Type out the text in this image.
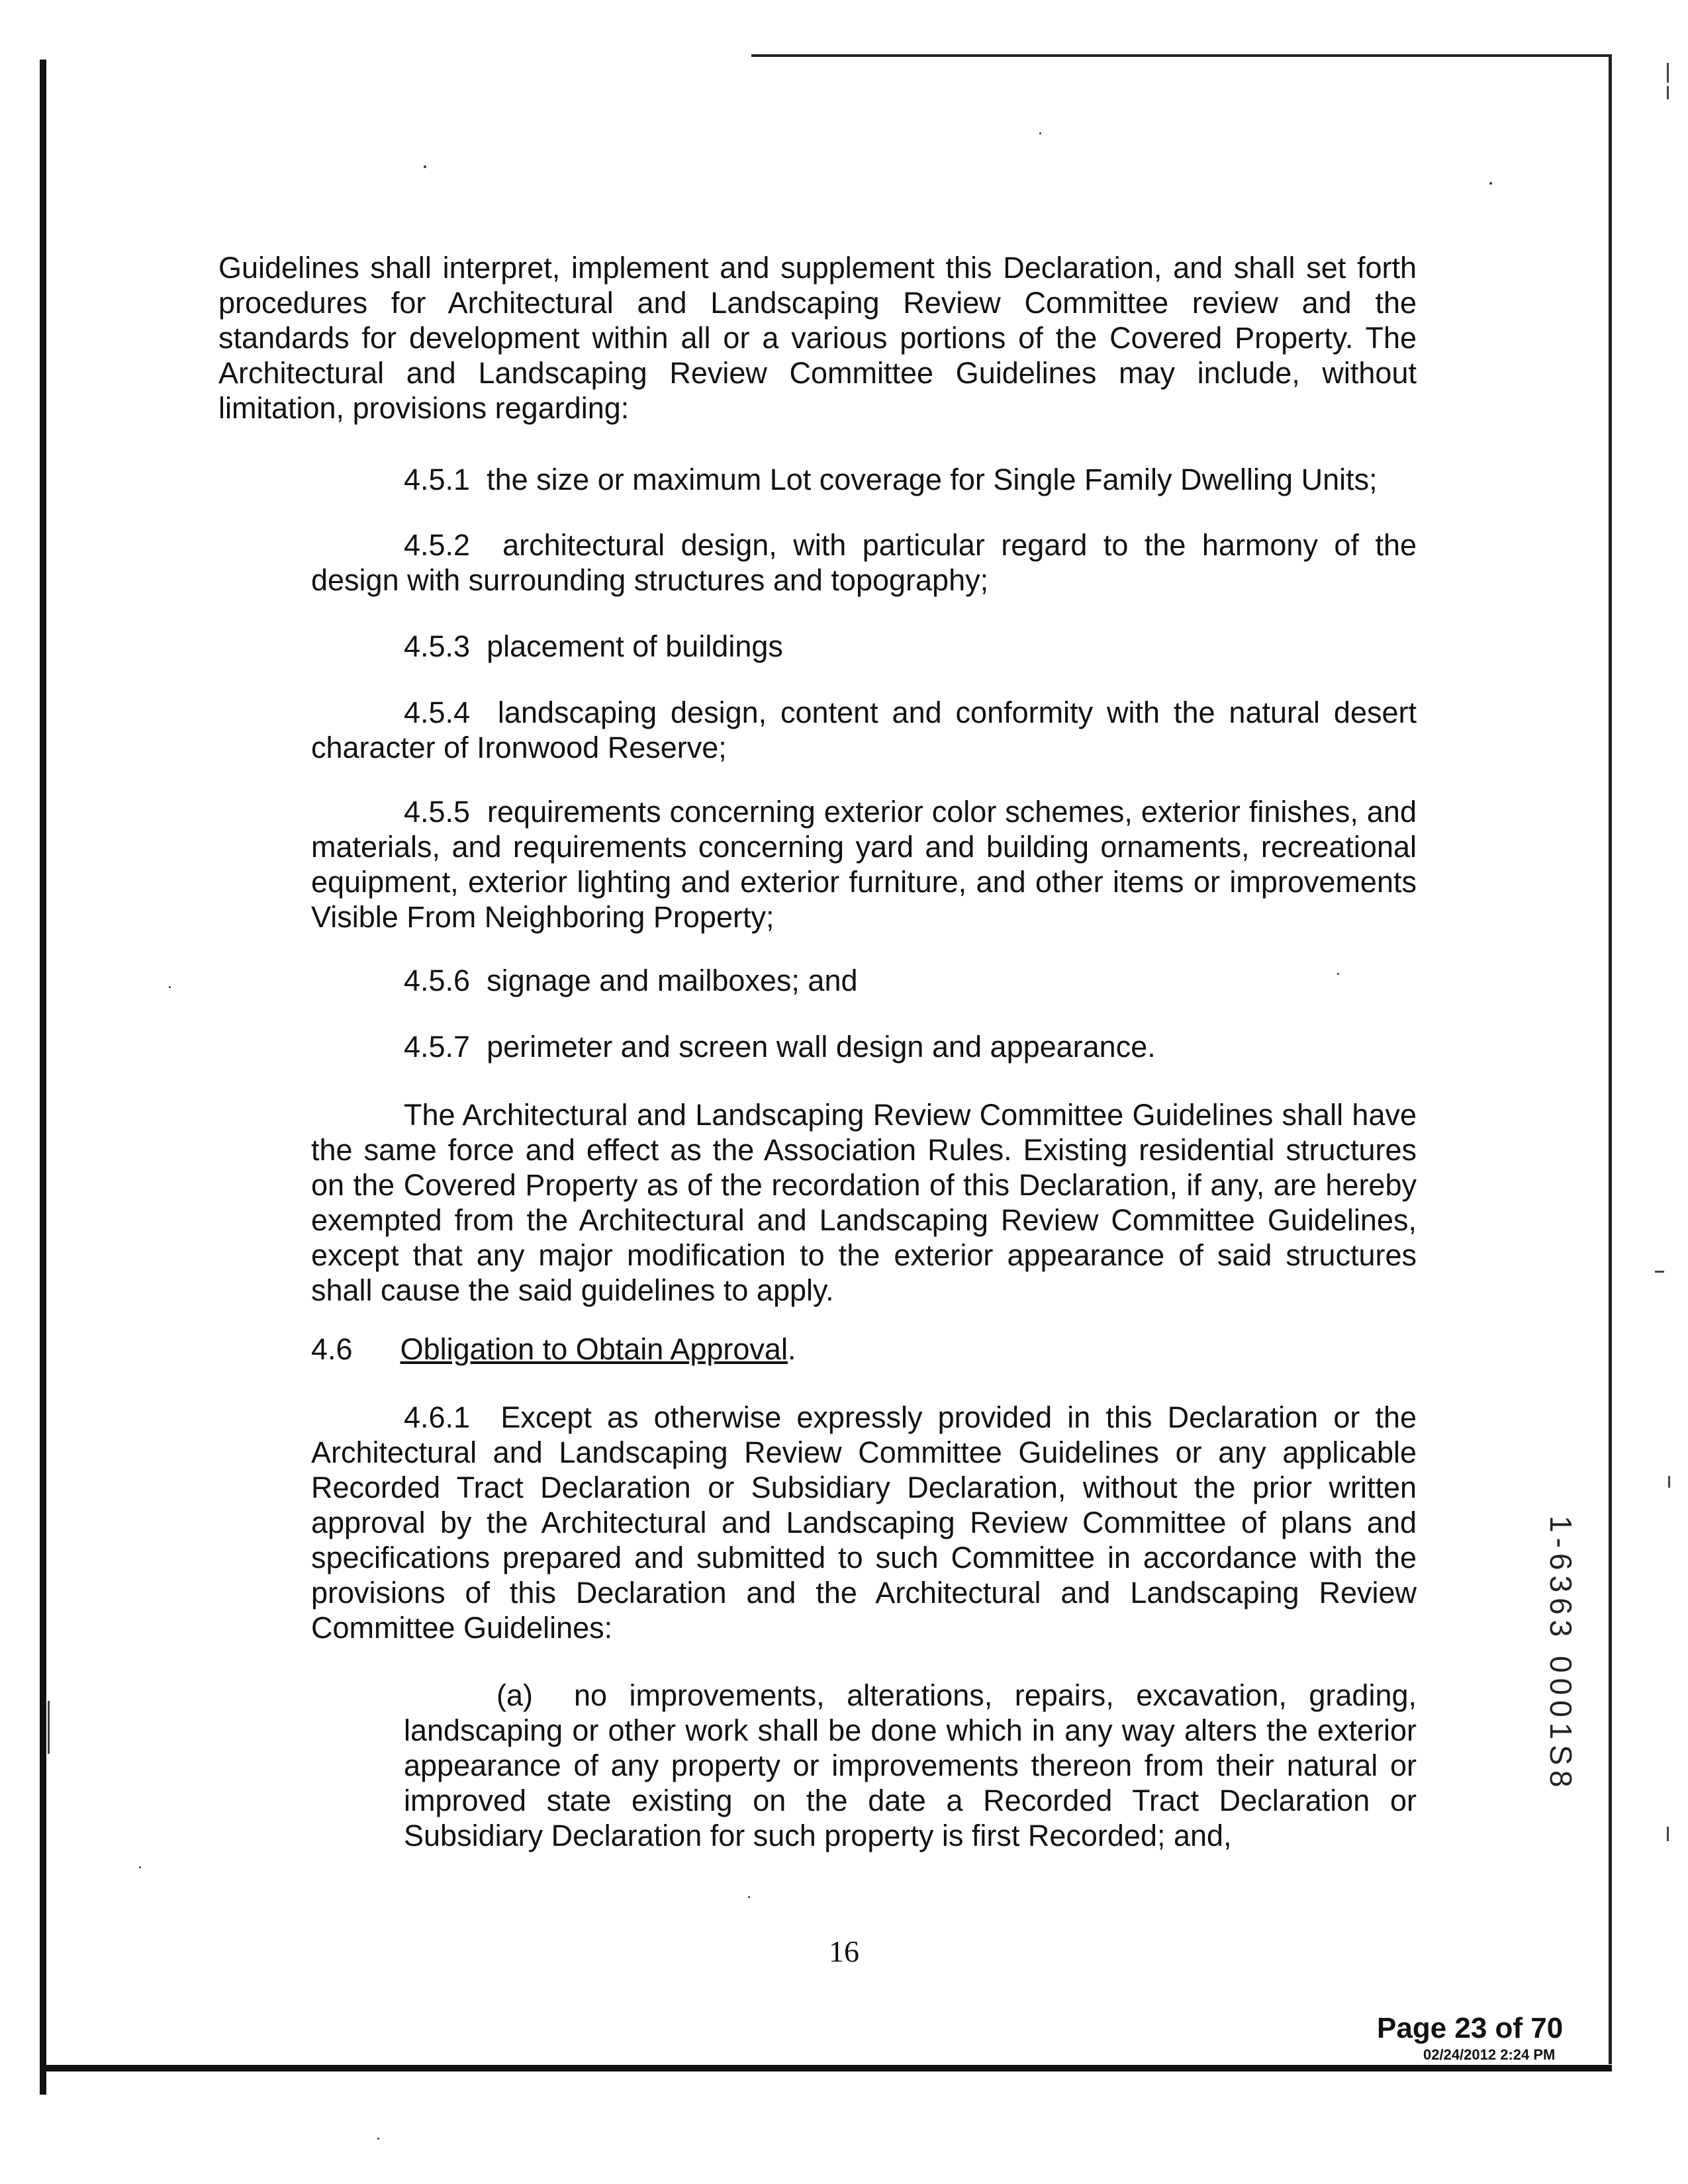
Guidelines shall interpret, implement and supplement this Declaration, and shall set forth procedures for Architectural and Landscaping Review Committee review and the standards for development within all or a various portions of the Covered Property. The Architectural and Landscaping Review Committee Guidelines may include, without limitation, provisions regarding:
4.5.1 the size or maximum Lot coverage for Single Family Dwelling Units;
4.5.2 architectural design, with particular regard to the harmony of the design with surrounding structures and topography;
4.5.3 placement of buildings
4.5.4 landscaping design, content and conformity with the natural desert character of Ironwood Reserve;
4.5.5 requirements concerning exterior color schemes, exterior finishes, and materials, and requirements concerning yard and building ornaments, recreational equipment, exterior lighting and exterior furniture, and other items or improvements Visible From Neighboring Property;
4.5.6 signage and mailboxes; and
4.5.7 perimeter and screen wall design and appearance.
The Architectural and Landscaping Review Committee Guidelines shall have the same force and effect as the Association Rules. Existing residential structures on the Covered Property as of the recordation of this Declaration, if any, are hereby exempted from the Architectural and Landscaping Review Committee Guidelines, except that any major modification to the exterior appearance of said structures shall cause the said guidelines to apply.
4.6 Obligation to Obtain Approval.
4.6.1 Except as otherwise expressly provided in this Declaration or the Architectural and Landscaping Review Committee Guidelines or any applicable Recorded Tract Declaration or Subsidiary Declaration, without the prior written approval by the Architectural and Landscaping Review Committee of plans and specifications prepared and submitted to such Committee in accordance with the provisions of this Declaration and the Architectural and Landscaping Review Committee Guidelines:
(a) no improvements, alterations, repairs, excavation, grading, landscaping or other work shall be done which in any way alters the exterior appearance of any property or improvements thereon from their natural or improved state existing on the date a Recorded Tract Declaration or Subsidiary Declaration for such property is first Recorded; and,
1-6363 0001S8
16
Page 23 of 70
02/24/2012 2:24 PM
